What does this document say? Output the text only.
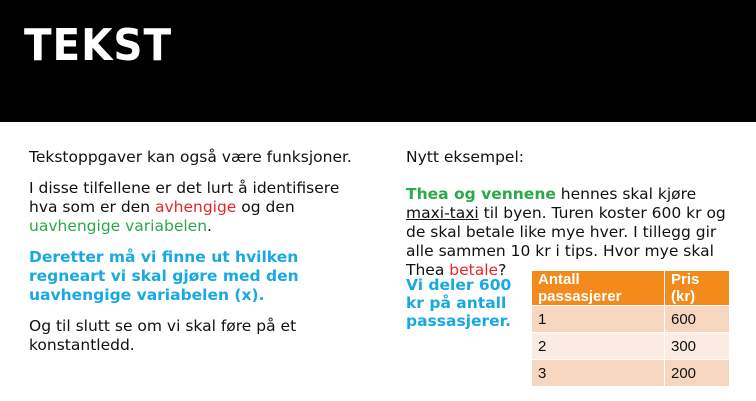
TEKST

Tekstoppgaver kan også være funksjoner.

I disse tilfellene er det lurt å identifisere hva som er den avhengige og den uavhengige variabelen.

Deretter må vi finne ut hvilken regneart vi skal gjøre med den uavhengige variabelen (x).

Og til slutt se om vi skal føre på et konstantledd.

Nytt eksempel:

Thea og vennene hennes skal kjøre maxi-taxi til byen. Turen koster 600 kr og de skal betale like mye hver. I tillegg gir alle sammen 10 kr i tips. Hvor mye skal Thea betale?

Vi deler 600 kr på antall passasjerer.
Antall passasjerer	Pris (kr)
1	600
2	300
3	200
